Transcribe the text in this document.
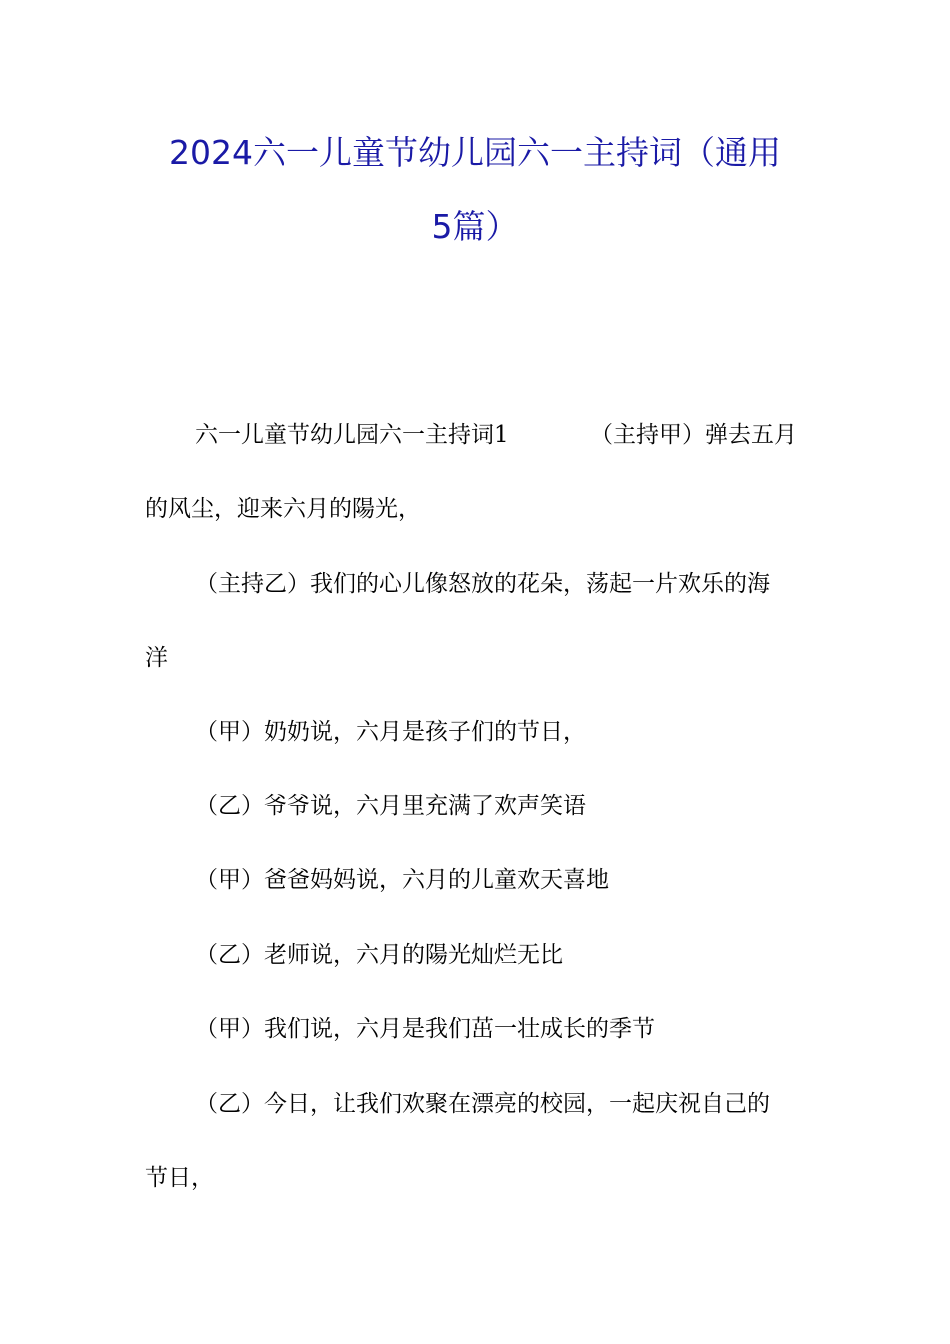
2024六一儿童节幼儿园六一主持词（通用
5篇）
六一儿童节幼儿园六一主持词1	（主持甲）弹去五月
的风尘，迎来六月的陽光，
（主持乙）我们的心儿像怒放的花朵，荡起一片欢乐的海
洋
（甲）奶奶说，六月是孩子们的节日，
（乙）爷爷说，六月里充满了欢声笑语
（甲）爸爸妈妈说，六月的儿童欢天喜地
（乙）老师说，六月的陽光灿烂无比
（甲）我们说，六月是我们茁一壮成长的季节
（乙）今日，让我们欢聚在漂亮的校园，一起庆祝自己的
节日，
